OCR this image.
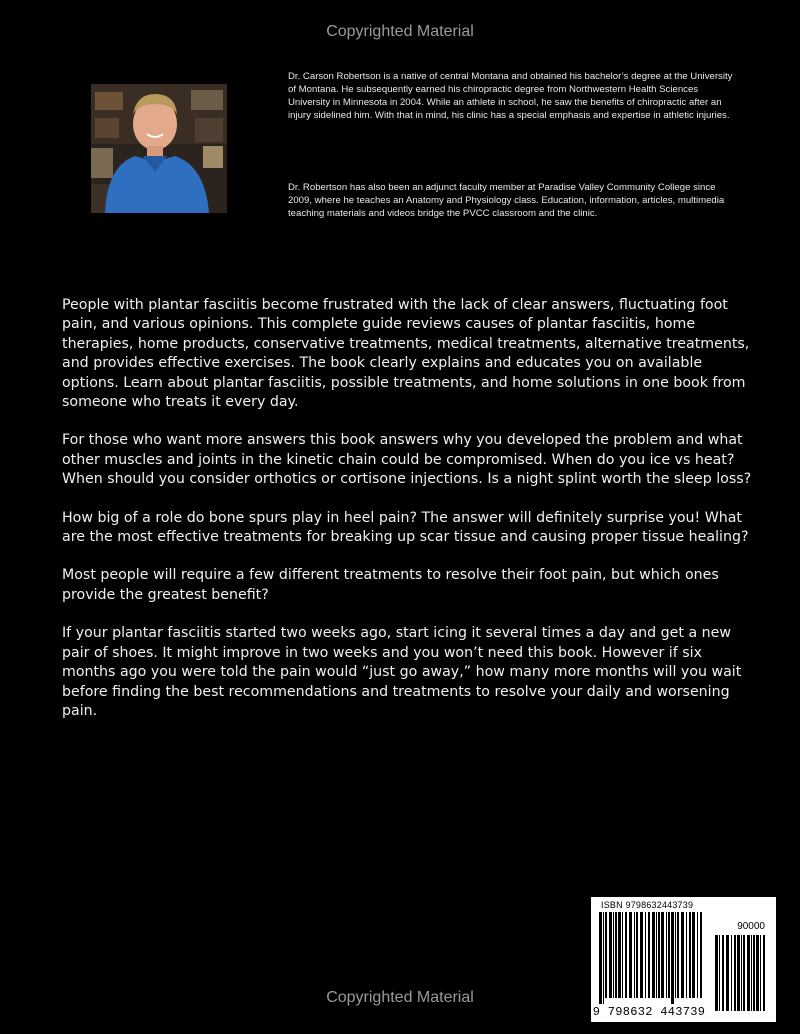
Copyrighted Material

Dr. Carson Robertson is a native of central Montana and obtained his bachelor’s degree at the University of Montana. He subsequently earned his chiropractic degree from Northwestern Health Sciences University in Minnesota in 2004. While an athlete in school, he saw the benefits of chiropractic after an injury sidelined him. With that in mind, his clinic has a special emphasis and expertise in athletic injuries.

Dr. Robertson has also been an adjunct faculty member at Paradise Valley Community College since 2009, where he teaches an Anatomy and Physiology class. Education, information, articles, multimedia teaching materials and videos bridge the PVCC classroom and the clinic.

People with plantar fasciitis become frustrated with the lack of clear answers, fluctuating foot pain, and various opinions. This complete guide reviews causes of plantar fasciitis, home therapies, home products, conservative treatments, medical treatments, alternative treatments, and provides effective exercises. The book clearly explains and educates you on available options. Learn about plantar fasciitis, possible treatments, and home solutions in one book from someone who treats it every day.

For those who want more answers this book answers why you developed the problem and what other muscles and joints in the kinetic chain could be compromised. When do you ice vs heat? When should you consider orthotics or cortisone injections. Is a night splint worth the sleep loss?

How big of a role do bone spurs play in heel pain? The answer will definitely surprise you! What are the most effective treatments for breaking up scar tissue and causing proper tissue healing?

Most people will require a few different treatments to resolve their foot pain, but which ones provide the greatest benefit?

If your plantar fasciitis started two weeks ago, start icing it several times a day and get a new pair of shoes. It might improve in two weeks and you won’t need this book. However if six months ago you were told the pain would “just go away,” how many more months will you wait before finding the best recommendations and treatments to resolve your daily and worsening pain.

ISBN 9798632443739
90000
9 798632 443739
Copyrighted Material
